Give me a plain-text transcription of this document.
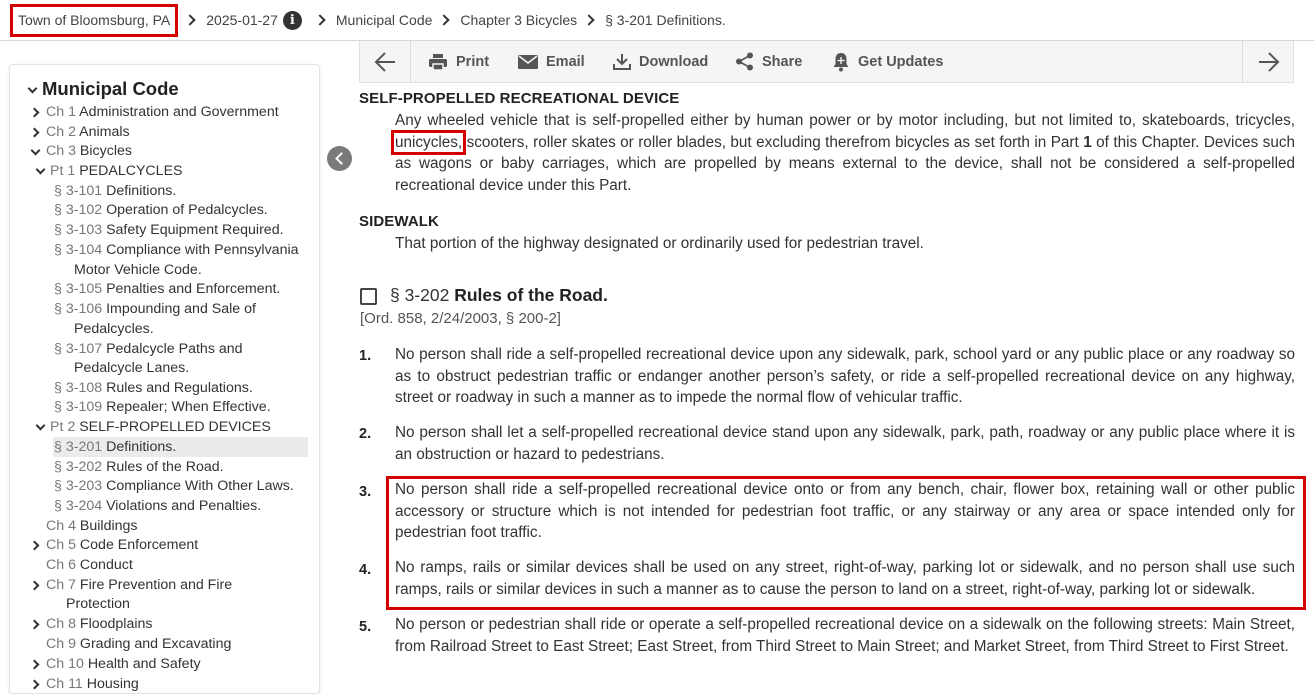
Town of Bloomsburg, PA	2025-01-27 i	Municipal Code Chapter 3 Bicycles § 3-201 Definitions.
Municipal Code
Ch 1 Administration and Government
Ch 2 Animals
Ch 3 Bicycles
Pt 1 PEDALCYCLES
§ 3-101 Definitions.
§ 3-102 Operation of Pedalcycles.
§ 3-103 Safety Equipment Required.
§ 3-104 Compliance with Pennsylvania
Motor Vehicle Code.
§ 3-105 Penalties and Enforcement.
§ 3-106 Impounding and Sale of
Pedalcycles.
§ 3-107 Pedalcycle Paths and
Pedalcycle Lanes.
§ 3-108 Rules and Regulations.
§ 3-109 Repealer; When Effective.
Pt 2 SELF-PROPELLED DEVICES
§ 3-201 Definitions.
§ 3-202 Rules of the Road.
§ 3-203 Compliance With Other Laws.
§ 3-204 Violations and Penalties.
Ch 4 Buildings
Ch 5 Code Enforcement
Ch 6 Conduct
Ch 7 Fire Prevention and Fire
Protection
Ch 8 Floodplains
Ch 9 Grading and Excavating
Ch 10 Health and Safety
Ch 11 Housing
Print	Email	Download	Share	Get Updates
SELF-PROPELLED RECREATIONAL DEVICE
Any wheeled vehicle that is self-propelled either by human power or by motor including, but not limited to, skateboards, tricycles, unicycles, scooters, roller skates or roller blades, but excluding therefrom bicycles as set forth in Part 1 of this Chapter. Devices such as wagons or baby carriages, which are propelled by means external to the device, shall not be considered a self-propelled recreational device under this Part.
SIDEWALK
That portion of the highway designated or ordinarily used for pedestrian travel.
§ 3-202 Rules of the Road.
[Ord. 858, 2/24/2003, § 200-2]
1. No person shall ride a self-propelled recreational device upon any sidewalk, park, school yard or any public place or any roadway so as to obstruct pedestrian traffic or endanger another person’s safety, or ride a self-propelled recreational device on any highway, street or roadway in such a manner as to impede the normal flow of vehicular traffic.
2. No person shall let a self-propelled recreational device stand upon any sidewalk, park, path, roadway or any public place where it is an obstruction or hazard to pedestrians.
3. No person shall ride a self-propelled recreational device onto or from any bench, chair, flower box, retaining wall or other public accessory or structure which is not intended for pedestrian foot traffic, or any stairway or any area or space intended only for pedestrian foot traffic.
4. No ramps, rails or similar devices shall be used on any street, right-of-way, parking lot or sidewalk, and no person shall use such ramps, rails or similar devices in such a manner as to cause the person to land on a street, right-of-way, parking lot or sidewalk.
5. No person or pedestrian shall ride or operate a self-propelled recreational device on a sidewalk on the following streets: Main Street, from Railroad Street to East Street; East Street, from Third Street to Main Street; and Market Street, from Third Street to First Street.
